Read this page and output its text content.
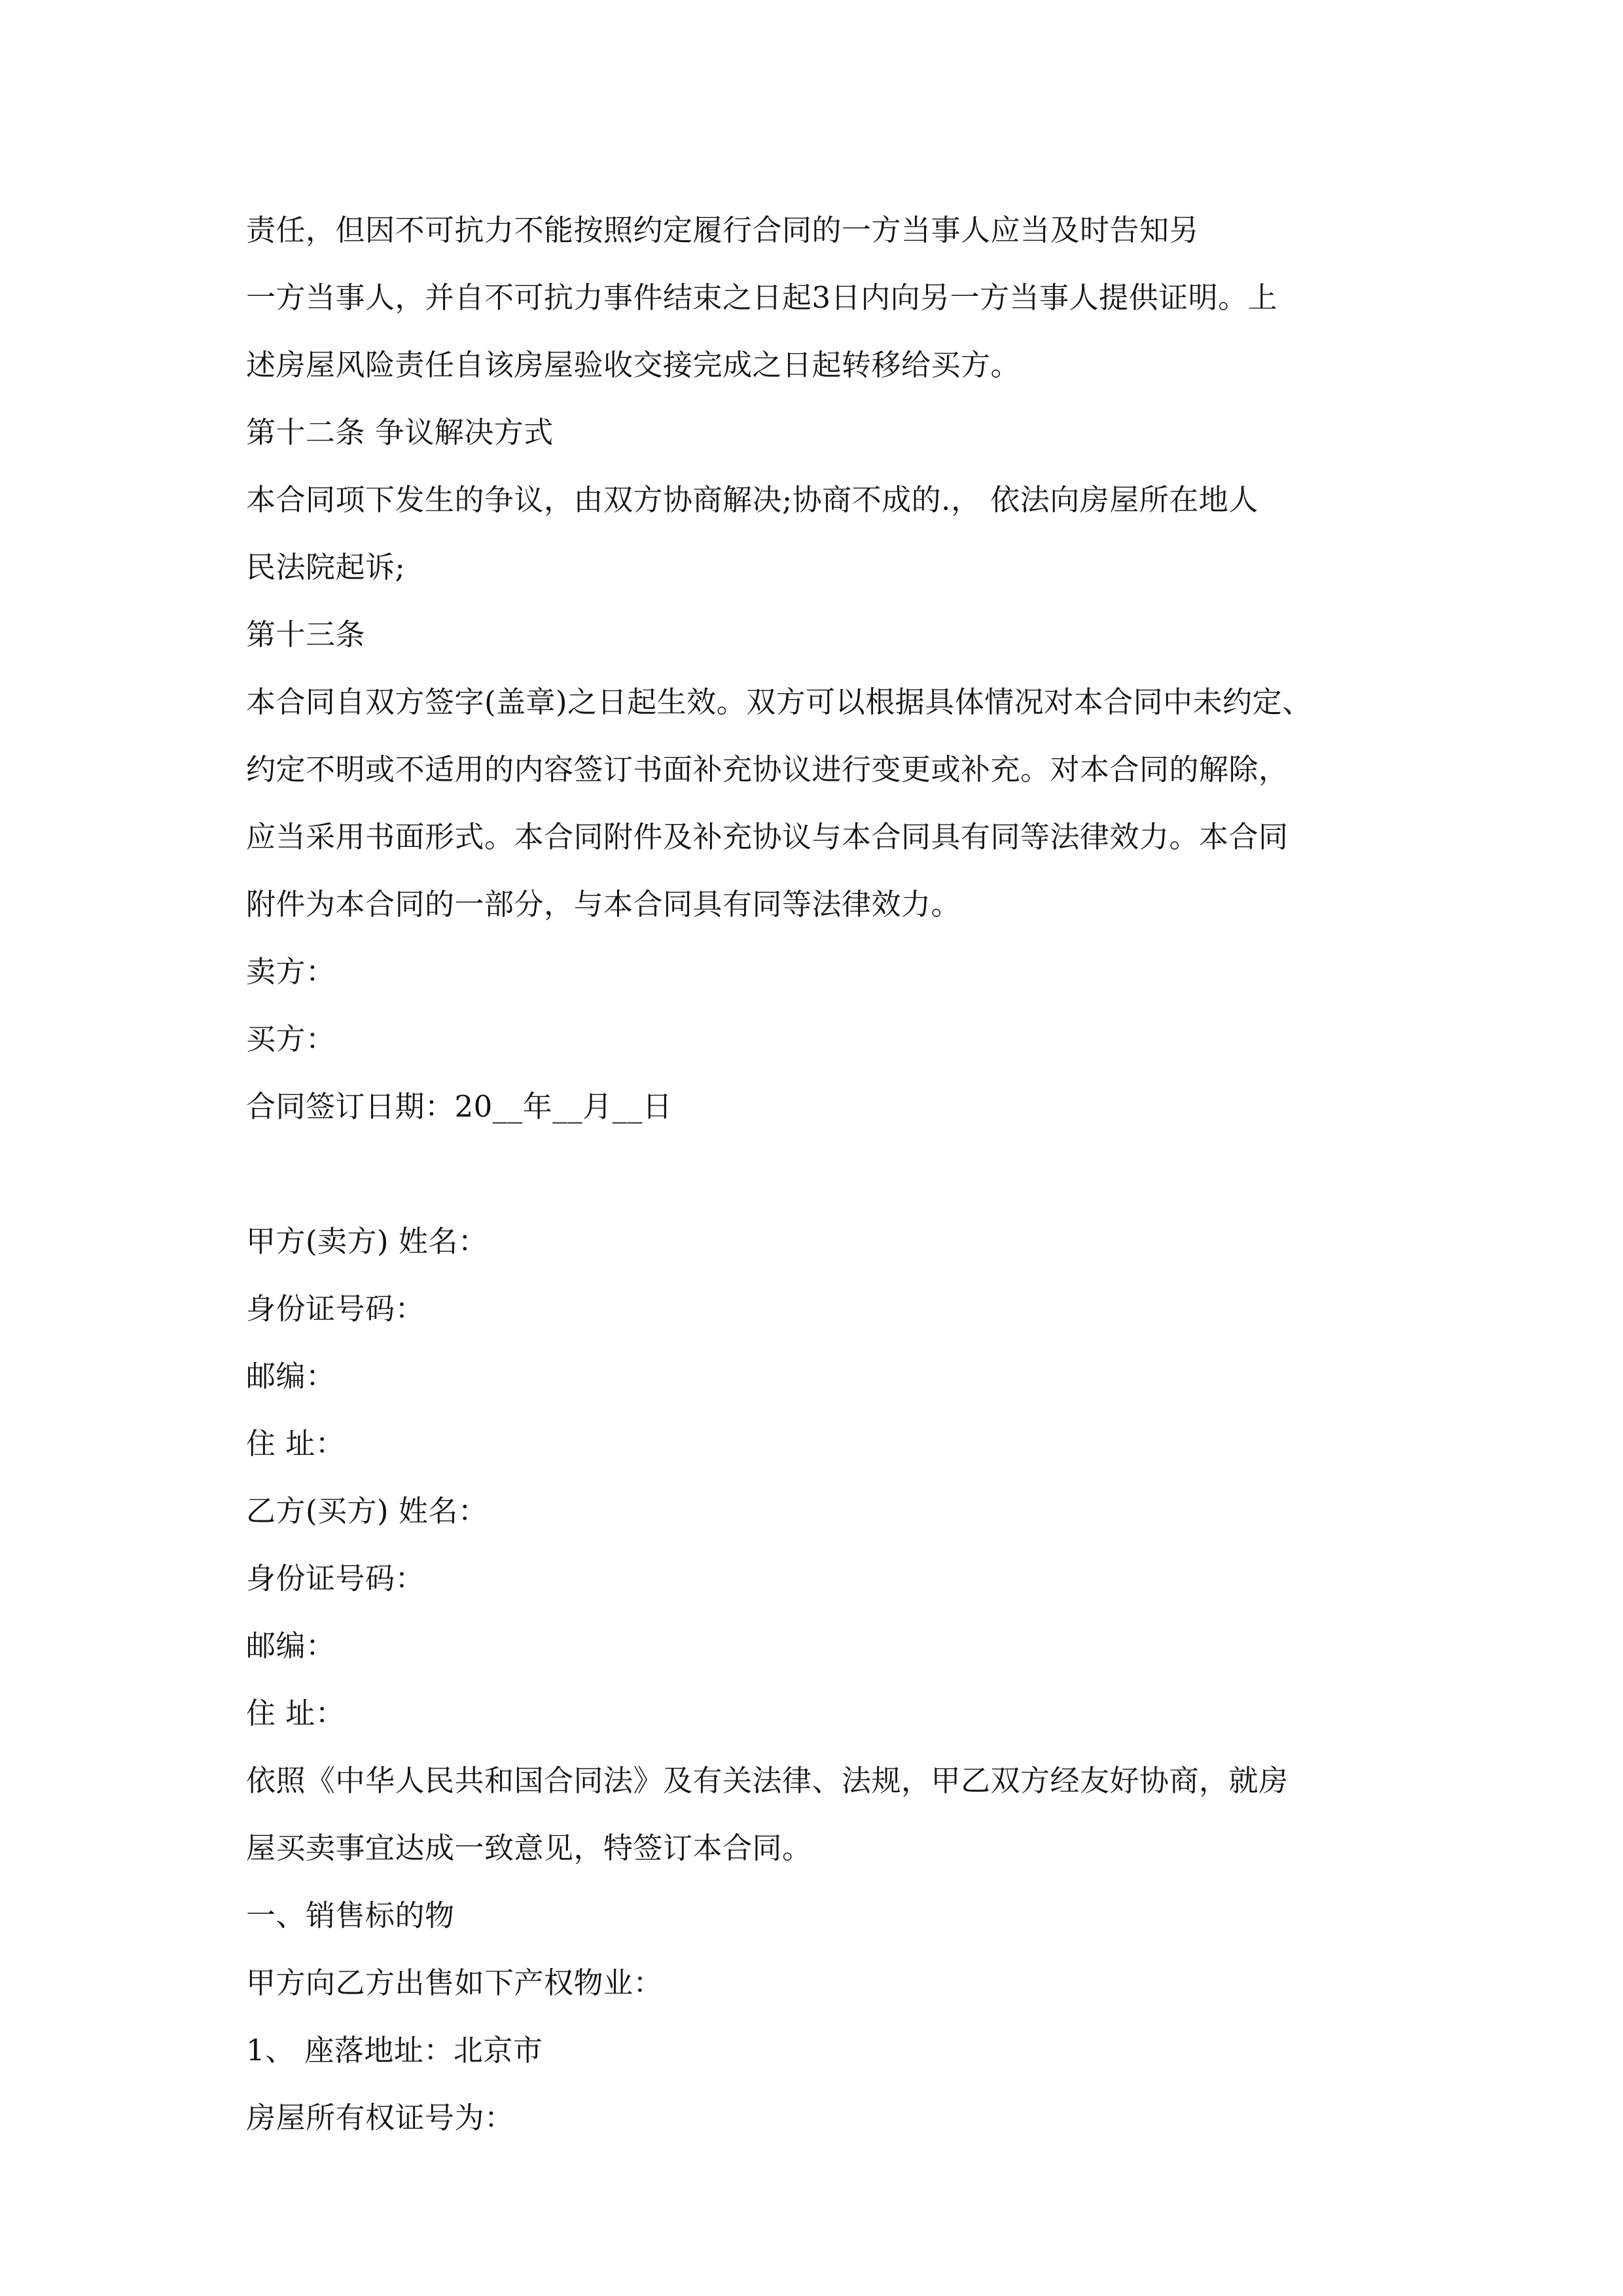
责任，但因不可抗力不能按照约定履行合同的一方当事人应当及时告知另
一方当事人，并自不可抗力事件结束之日起3日内向另一方当事人提供证明。上
述房屋风险责任自该房屋验收交接完成之日起转移给买方。
第十二条 争议解决方式
本合同项下发生的争议，由双方协商解决;协商不成的.， 依法向房屋所在地人
民法院起诉;
第十三条
本合同自双方签字(盖章)之日起生效。双方可以根据具体情况对本合同中未约定、
约定不明或不适用的内容签订书面补充协议进行变更或补充。对本合同的解除，
应当采用书面形式。本合同附件及补充协议与本合同具有同等法律效力。本合同
附件为本合同的一部分，与本合同具有同等法律效力。
卖方：
买方：
合同签订日期：20__年__月__日
甲方(卖方) 姓名：
身份证号码：
邮编：
住 址：
乙方(买方) 姓名：
身份证号码：
邮编：
住 址：
依照《中华人民共和国合同法》及有关法律、法规，甲乙双方经友好协商，就房
屋买卖事宜达成一致意见，特签订本合同。
一、销售标的物
甲方向乙方出售如下产权物业：
1、 座落地址：北京市
房屋所有权证号为：
